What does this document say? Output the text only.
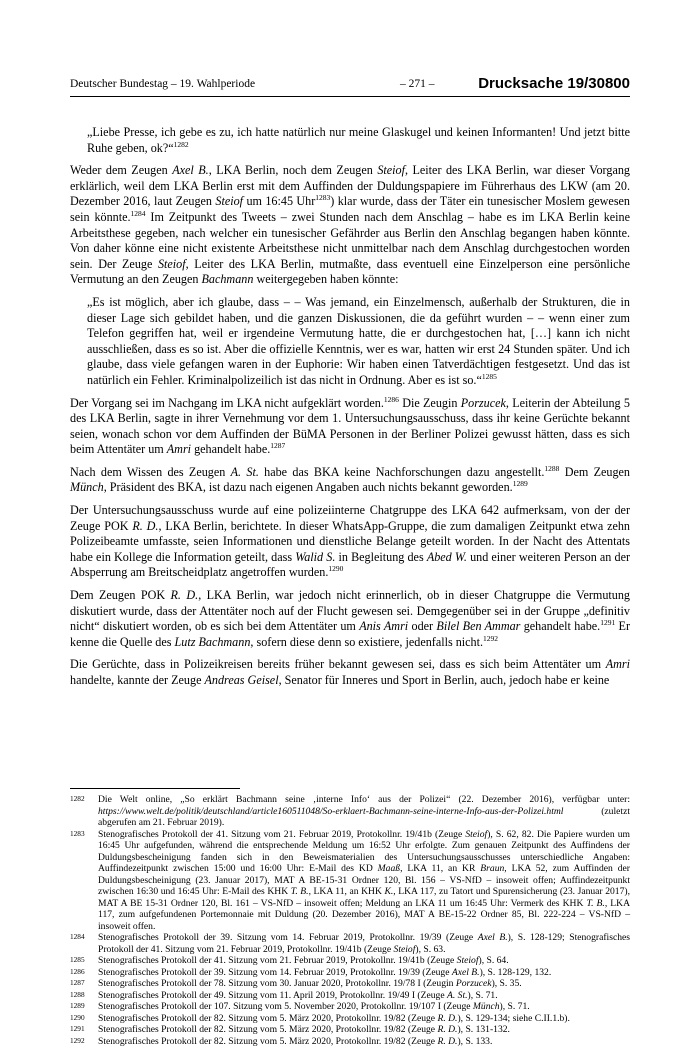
Deutscher Bundestag – 19. Wahlperiode	– 271 –	Drucksache 19/30800

„Liebe Presse, ich gebe es zu, ich hatte natürlich nur meine Glaskugel und keinen Informanten! Und jetzt bitte Ruhe geben, ok?“$^{1282}$

Weder dem Zeugen Axel B., LKA Berlin, noch dem Zeugen Steiof, Leiter des LKA Berlin, war dieser Vorgang erklärlich, weil dem LKA Berlin erst mit dem Auffinden der Duldungspapiere im Führerhaus des LKW (am 20. Dezember 2016, laut Zeugen Steiof um 16:45 Uhr$^{1283}$) klar wurde, dass der Täter ein tunesischer Moslem gewesen sein könnte.$^{1284}$ Im Zeitpunkt des Tweets – zwei Stunden nach dem Anschlag – habe es im LKA Berlin keine Arbeitsthese gegeben, nach welcher ein tunesischer Gefährder aus Berlin den Anschlag begangen haben könnte. Von daher könne eine nicht existente Arbeitsthese nicht unmittelbar nach dem Anschlag durchgestochen worden sein. Der Zeuge Steiof, Leiter des LKA Berlin, mutmaßte, dass eventuell eine Einzelperson eine persönliche Vermutung an den Zeugen Bachmann weitergegeben haben könnte:

„Es ist möglich, aber ich glaube, dass – – Was jemand, ein Einzelmensch, außerhalb der Strukturen, die in dieser Lage sich gebildet haben, und die ganzen Diskussionen, die da geführt wurden – – wenn einer zum Telefon gegriffen hat, weil er irgendeine Vermutung hatte, die er durchgestochen hat, […] kann ich nicht ausschließen, dass es so ist. Aber die offizielle Kenntnis, wer es war, hatten wir erst 24 Stunden später. Und ich glaube, dass viele gefangen waren in der Euphorie: Wir haben einen Tatverdächtigen festgesetzt. Und das ist natürlich ein Fehler. Kriminalpolizeilich ist das nicht in Ordnung. Aber es ist so.“$^{1285}$

Der Vorgang sei im Nachgang im LKA nicht aufgeklärt worden.$^{1286}$ Die Zeugin Porzucek, Leiterin der Abteilung 5 des LKA Berlin, sagte in ihrer Vernehmung vor dem 1. Untersuchungsausschuss, dass ihr keine Gerüchte bekannt seien, wonach schon vor dem Auffinden der BüMA Personen in der Berliner Polizei gewusst hätten, dass es sich beim Attentäter um Amri gehandelt habe.$^{1287}$

Nach dem Wissen des Zeugen A. St. habe das BKA keine Nachforschungen dazu angestellt.$^{1288}$ Dem Zeugen Münch, Präsident des BKA, ist dazu nach eigenen Angaben auch nichts bekannt geworden.$^{1289}$

Der Untersuchungsausschuss wurde auf eine polizeiinterne Chatgruppe des LKA 642 aufmerksam, von der der Zeuge POK R. D., LKA Berlin, berichtete. In dieser WhatsApp-Gruppe, die zum damaligen Zeitpunkt etwa zehn Polizeibeamte umfasste, seien Informationen und dienstliche Belange geteilt worden. In der Nacht des Attentats habe ein Kollege die Information geteilt, dass Walid S. in Begleitung des Abed W. und einer weiteren Person an der Absperrung am Breitscheidplatz angetroffen wurden.$^{1290}$

Dem Zeugen POK R. D., LKA Berlin, war jedoch nicht erinnerlich, ob in dieser Chatgruppe die Vermutung diskutiert wurde, dass der Attentäter noch auf der Flucht gewesen sei. Demgegenüber sei in der Gruppe „definitiv nicht“ diskutiert worden, ob es sich bei dem Attentäter um Anis Amri oder Bilel Ben Ammar gehandelt habe.$^{1291}$ Er kenne die Quelle des Lutz Bachmann, sofern diese denn so existiere, jedenfalls nicht.$^{1292}$

Die Gerüchte, dass in Polizeikreisen bereits früher bekannt gewesen sei, dass es sich beim Attentäter um Amri handelte, kannte der Zeuge Andreas Geisel, Senator für Inneres und Sport in Berlin, auch, jedoch habe er keine

1282	Die Welt online, „So erklärt Bachmann seine ‚interne Info‘ aus der Polizei“ (22. Dezember 2016), verfügbar unter: https://www.welt.de/politik/deutschland/article160511048/So-erklaert-Bachmann-seine-interne-Info-aus-der-Polizei.html (zuletzt abgerufen am 21. Februar 2019).
1283	Stenografisches Protokoll der 41. Sitzung vom 21. Februar 2019, Protokollnr. 19/41b (Zeuge Steiof), S. 62, 82. Die Papiere wurden um 16:45 Uhr aufgefunden, während die entsprechende Meldung um 16:52 Uhr erfolgte. Zum genauen Zeitpunkt des Auffindens der Duldungsbescheinigung fanden sich in den Beweismaterialien des Untersuchungsausschusses unterschiedliche Angaben: Auffindezeitpunkt zwischen 15:00 und 16:00 Uhr: E-Mail des KD Maaß, LKA 11, an KR Braun, LKA 52, zum Auffinden der Duldungsbescheinigung (23. Januar 2017), MAT A BE-15-31 Ordner 120, Bl. 156 – VS-NfD – insoweit offen; Auffindezeitpunkt zwischen 16:30 und 16:45 Uhr: E-Mail des KHK T. B., LKA 11, an KHK K., LKA 117, zu Tatort und Spurensicherung (23. Januar 2017), MAT A BE 15-31 Ordner 120, Bl. 161 – VS-NfD – insoweit offen; Meldung an LKA 11 um 16:45 Uhr: Vermerk des KHK T. B., LKA 117, zum aufgefundenen Portemonnaie mit Duldung (20. Dezember 2016), MAT A BE-15-22 Ordner 85, Bl. 222-224 – VS-NfD – insoweit offen.
1284	Stenografisches Protokoll der 39. Sitzung vom 14. Februar 2019, Protokollnr. 19/39 (Zeuge Axel B.), S. 128-129; Stenografisches Protokoll der 41. Sitzung vom 21. Februar 2019, Protokollnr. 19/41b (Zeuge Steiof), S. 63.
1285	Stenografisches Protokoll der 41. Sitzung vom 21. Februar 2019, Protokollnr. 19/41b (Zeuge Steiof), S. 64.
1286	Stenografisches Protokoll der 39. Sitzung vom 14. Februar 2019, Protokollnr. 19/39 (Zeuge Axel B.), S. 128-129, 132.
1287	Stenografisches Protokoll der 78. Sitzung vom 30. Januar 2020, Protokollnr. 19/78 I (Zeugin Porzucek), S. 35.
1288	Stenografisches Protokoll der 49. Sitzung vom 11. April 2019, Protokollnr. 19/49 I (Zeuge A. St.), S. 71.
1289	Stenografisches Protokoll der 107. Sitzung vom 5. November 2020, Protokollnr. 19/107 I (Zeuge Münch), S. 71.
1290	Stenografisches Protokoll der 82. Sitzung vom 5. März 2020, Protokollnr. 19/82 (Zeuge R. D.), S. 129-134; siehe C.II.1.b).
1291	Stenografisches Protokoll der 82. Sitzung vom 5. März 2020, Protokollnr. 19/82 (Zeuge R. D.), S. 131-132.
1292	Stenografisches Protokoll der 82. Sitzung vom 5. März 2020, Protokollnr. 19/82 (Zeuge R. D.), S. 133.
